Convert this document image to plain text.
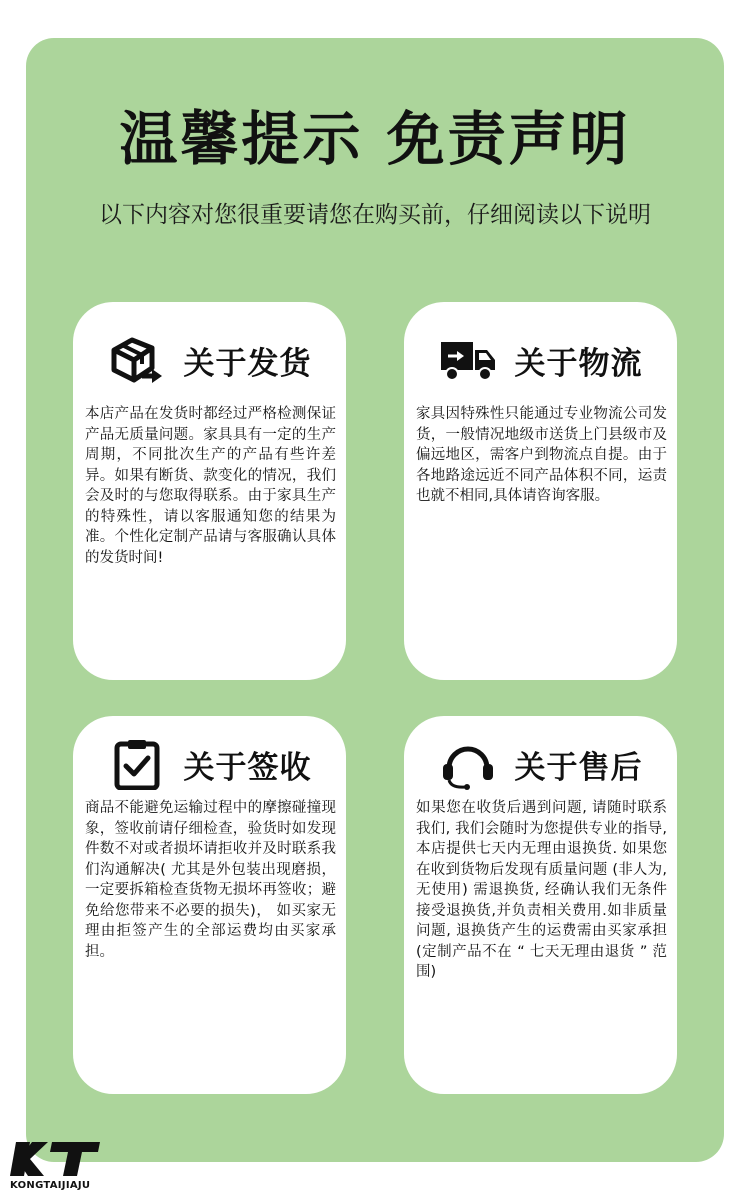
温馨提示 免责声明

以下内容对您很重要请您在购买前，仔细阅读以下说明

关于发货

本店产品在发货时都经过严格检测保证产品无质量问题。家具具有一定的生产周期，不同批次生产的产品有些许差异。如果有断货、款变化的情况，我们会及时的与您取得联系。由于家具生产的特殊性，请以客服通知您的结果为准。个性化定制产品请与客服确认具体的发货时间!

关于物流

家具因特殊性只能通过专业物流公司发货，一般情况地级市送货上门县级市及偏远地区，需客户到物流点自提。由于各地路途远近不同产品体积不同，运责也就不相同,具体请咨询客服。

关于签收

商品不能避免运输过程中的摩擦碰撞现象，签收前请仔细检查，验货时如发现件数不对或者损坏请拒收并及时联系我们沟通解决( 尤其是外包装出现磨损，一定要拆箱检查货物无损坏再签收；避免给您带来不必要的损失)， 如买家无理由拒签产生的全部运费均由买家承担。

关于售后

如果您在收货后遇到问题, 请随时联系我们, 我们会随时为您提供专业的指导, 本店提供七天内无理由退换货. 如果您在收到货物后发现有质量问题 (非人为,无使用) 需退换货, 经确认我们无条件接受退换货,并负责相关费用.如非质量问题, 退换货产生的运费需由买家承担(定制产品不在 “ 七天无理由退货 ” 范围)

KONGTAIJIAJU
